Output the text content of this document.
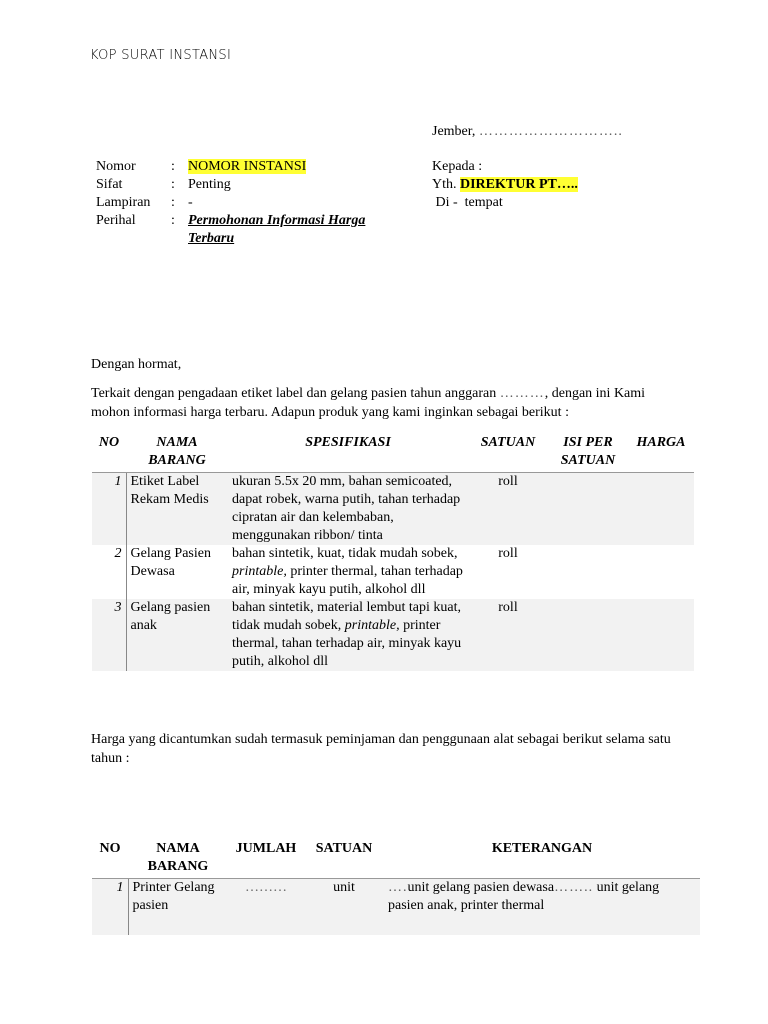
KOP SURAT INSTANSI
Jember, ………………………..
Nomor	: NOMOR INSTANSI
Sifat	: Penting
Lampiran	: -
Perihal	: Permohonan Informasi Harga Terbaru
Kepada :
Yth. DIREKTUR PT…..
Di -  tempat
Dengan hormat,
Terkait dengan pengadaan etiket label dan gelang pasien tahun anggaran ………, dengan ini Kami mohon informasi harga terbaru. Adapun produk yang kami inginkan sebagai berikut :
NO	NAMA BARANG	SPESIFIKASI	SATUAN	ISI PER SATUAN	HARGA
1	Etiket Label Rekam Medis	ukuran 5.5x 20 mm, bahan semicoated, dapat robek, warna putih, tahan terhadap cipratan air dan kelembaban, menggunakan ribbon/ tinta	roll		
2	Gelang Pasien Dewasa	bahan sintetik, kuat, tidak mudah sobek, printable, printer thermal, tahan terhadap air, minyak kayu putih, alkohol dll	roll		
3	Gelang pasien anak	bahan sintetik, material lembut tapi kuat, tidak mudah sobek, printable, printer thermal, tahan terhadap air, minyak kayu putih, alkohol dll	roll		
Harga yang dicantumkan sudah termasuk peminjaman dan penggunaan alat sebagai berikut selama satu tahun :
NO	NAMA BARANG	JUMLAH	SATUAN	KETERANGAN
1	Printer Gelang pasien	………	unit	….unit gelang pasien dewasa…….. unit gelang pasien anak, printer thermal
